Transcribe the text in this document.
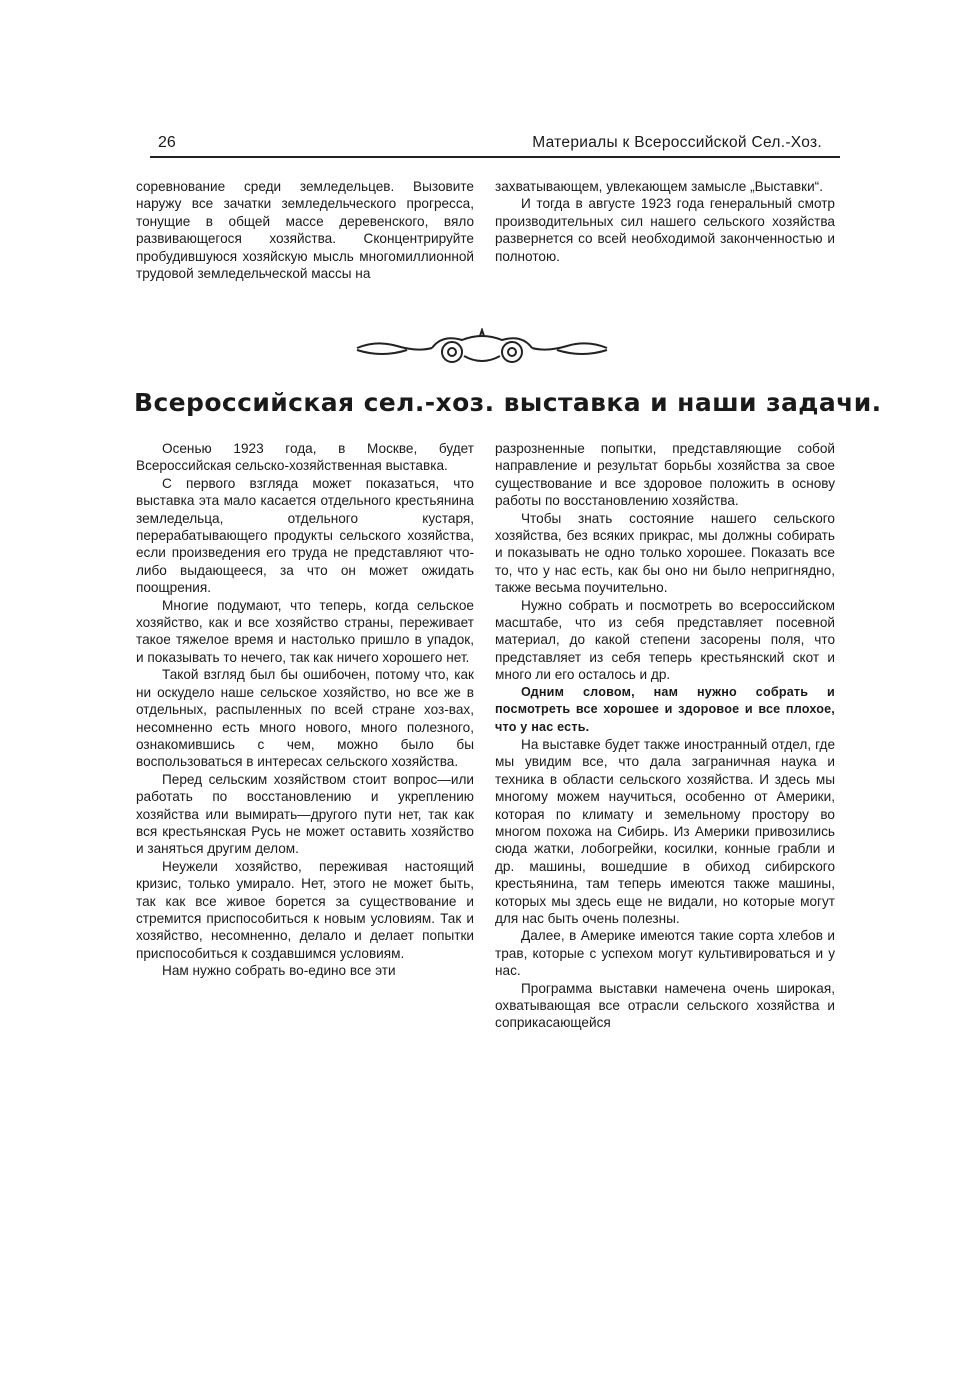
26	Материалы к Всероссийской Сел.-Хоз.

соревнование среди земледельцев. Вызовите наружу все зачатки земледельческого прогресса, тонущие в общей массе деревенского, вяло развивающегося хозяйства. Сконцентрируйте пробудившуюся хозяйскую мысль многомиллионной трудовой земледельческой массы на

захватывающем, увлекающем замысле „Выставки“.

И тогда в августе 1923 года генеральный смотр производительных сил нашего сельского хозяйства развернется со всей необходимой законченностью и полнотою.

Всероссийская сел.-хоз. выставка и наши задачи.

Осенью 1923 года, в Москве, будет Всероссийская сельско-хозяйственная выставка.

С первого взгляда может показаться, что выставка эта мало касается отдельного крестьянина земледельца, отдельного кустаря, перерабатывающего продукты сельского хозяйства, если произведения его труда не представляют что-либо выдающееся, за что он может ожидать поощрения.

Многие подумают, что теперь, когда сельское хозяйство, как и все хозяйство страны, переживает такое тяжелое время и настолько пришло в упадок, и показывать то нечего, так как ничего хорошего нет.

Такой взгляд был бы ошибочен, потому что, как ни оскудело наше сельское хозяйство, но все же в отдельных, распыленных по всей стране хоз-вах, несомненно есть много нового, много полезного, ознакомившись с чем, можно было бы воспользоваться в интересах сельского хозяйства.

Перед сельским хозяйством стоит вопрос—или работать по восстановлению и укреплению хозяйства или вымирать—другого пути нет, так как вся крестьянская Русь не может оставить хозяйство и заняться другим делом.

Неужели хозяйство, переживая настоящий кризис, только умирало. Нет, этого не может быть, так как все живое борется за существование и стремится приспособиться к новым условиям. Так и хозяйство, несомненно, делало и делает попытки приспособиться к создавшимся условиям.

Нам нужно собрать во-едино все эти

разрозненные попытки, представляющие собой направление и результат борьбы хозяйства за свое существование и все здоровое положить в основу работы по восстановлению хозяйства.

Чтобы знать состояние нашего сельского хозяйства, без всяких прикрас, мы должны собирать и показывать не одно только хорошее. Показать все то, что у нас есть, как бы оно ни было непригнядно, также весьма поучительно.

Нужно собрать и посмотреть во всероссийском масштабе, что из себя представляет посевной материал, до какой степени засорены поля, что представляет из себя теперь крестьянский скот и много ли его осталось и др.

Одним словом, нам нужно собрать и посмотреть все хорошее и здоровое и все плохое, что у нас есть.

На выставке будет также иностранный отдел, где мы увидим все, что дала заграничная наука и техника в области сельского хозяйства. И здесь мы многому можем научиться, особенно от Америки, которая по климату и земельному простору во многом похожа на Сибирь. Из Америки привозились сюда жатки, лобогрейки, косилки, конные грабли и др. машины, вошедшие в обиход сибирского крестьянина, там теперь имеются также машины, которых мы здесь еще не видали, но которые могут для нас быть очень полезны.

Далее, в Америке имеются такие сорта хлебов и трав, которые с успехом могут культивироваться и у нас.

Программа выставки намечена очень широкая, охватывающая все отрасли сельского хозяйства и соприкасающейся
